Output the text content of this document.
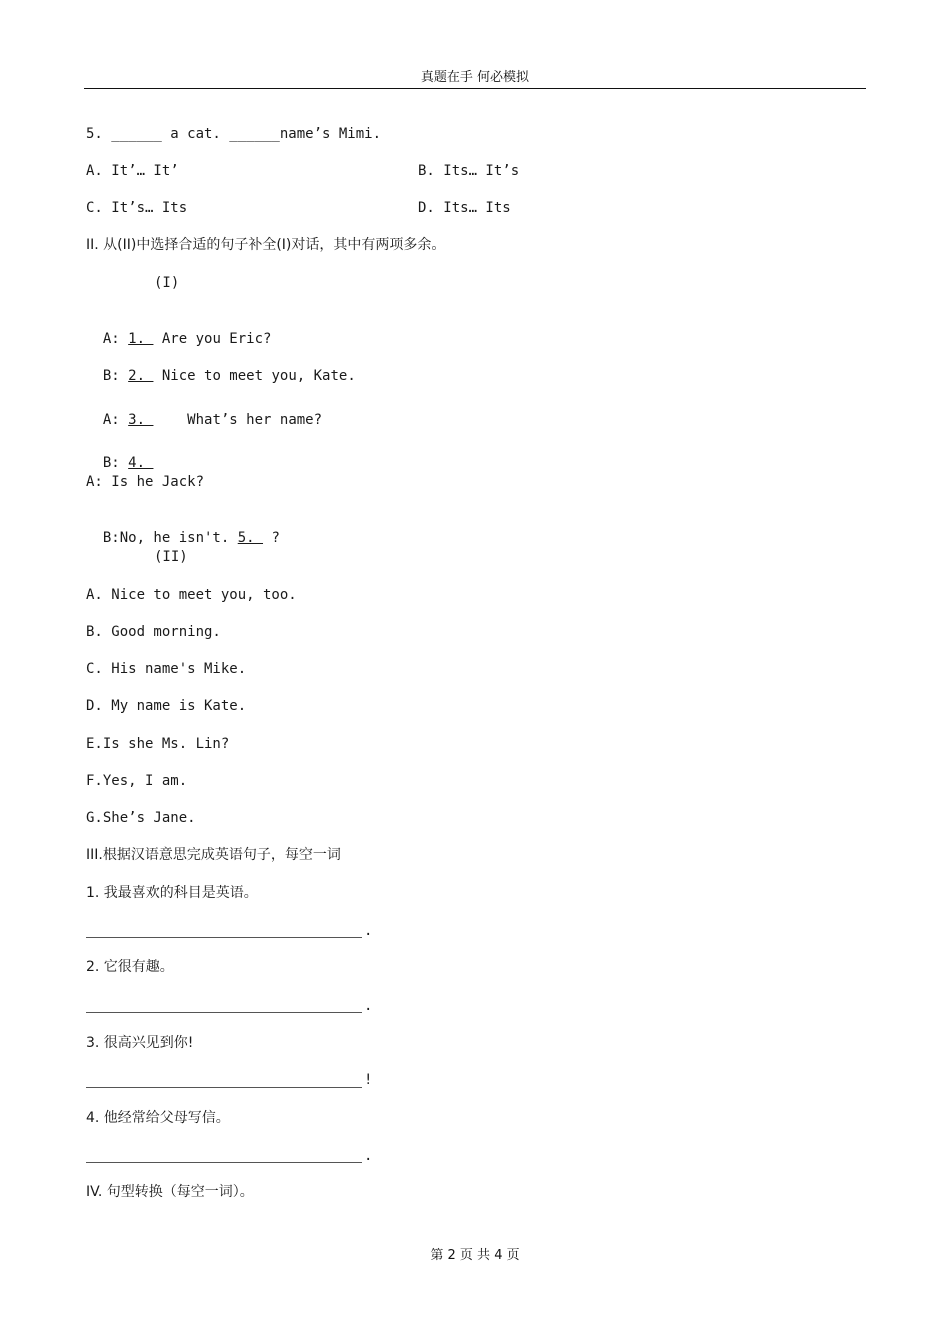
真题在手 何必模拟
5. ______ a cat. ______name’s Mimi.
A. It’… It’	B. Its… It’s
C. It’s… Its	D. Its… Its
II. 从(II)中选择合适的句子补全(I)对话，其中有两项多余。
(I)

A: 1.  Are you Eric?

B: 2.  Nice to meet you, Kate.

A: 3.     What’s her name?

B: 4.

A: Is he Jack?

B:No, he isn't. 5.  ?

(II)
A. Nice to meet you, too.
B. Good morning.
C. His name's Mike.
D. My name is Kate.
E.Is she Ms. Lin?
F.Yes, I am.
G.She’s Jane.
III.根据汉语意思完成英语句子，每空一词
1. 我最喜欢的科目是英语。
.
2. 它很有趣。
.
3. 很高兴见到你!
!
4. 他经常给父母写信。
.
IV. 句型转换（每空一词）。
第 2 页 共 4 页
